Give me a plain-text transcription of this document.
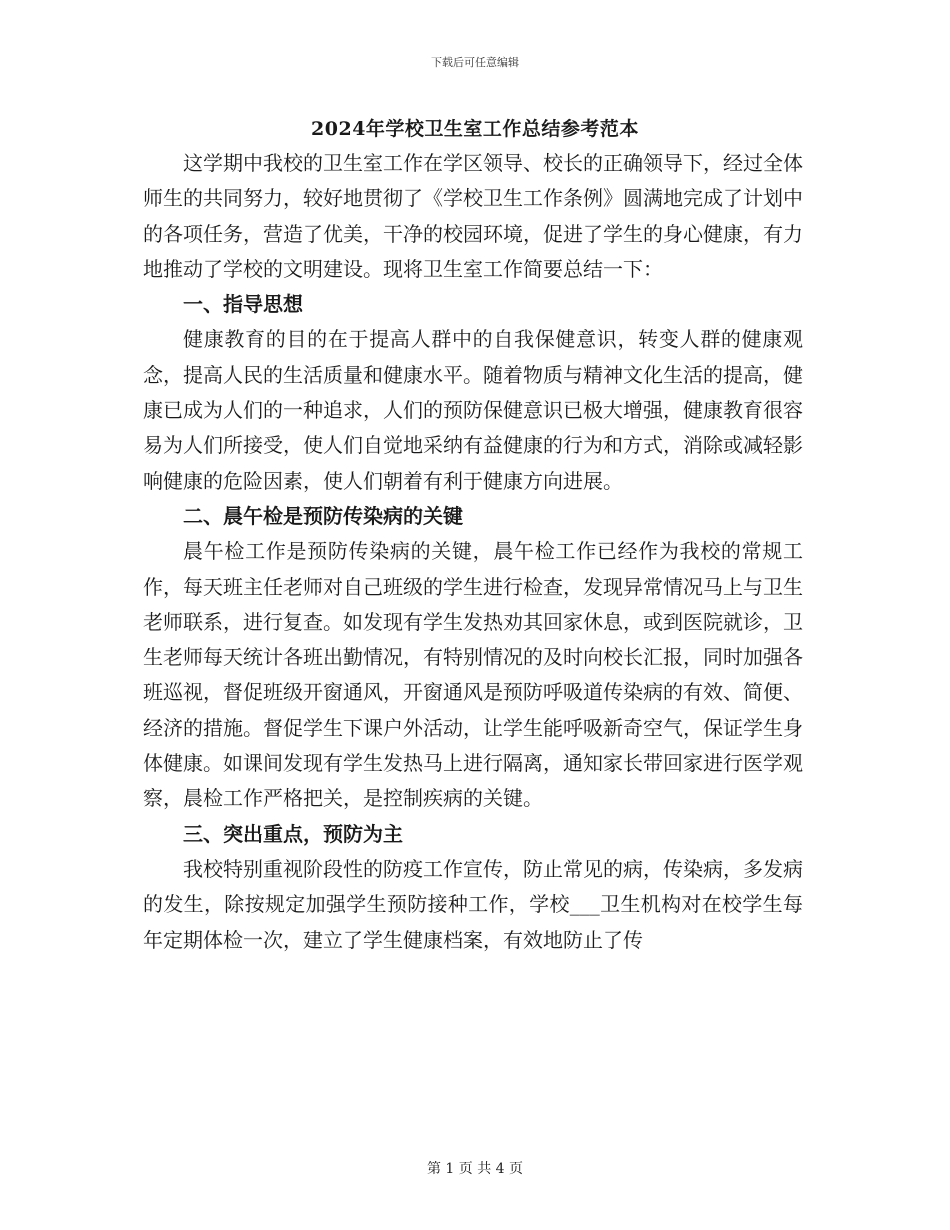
下载后可任意编辑
2024年学校卫生室工作总结参考范本

这学期中我校的卫生室工作在学区领导、校长的正确领导下，经过全体师生的共同努力，较好地贯彻了《学校卫生工作条例》圆满地完成了计划中的各项任务，营造了优美，干净的校园环境，促进了学生的身心健康，有力地推动了学校的文明建设。现将卫生室工作简要总结一下：

一、指导思想

健康教育的目的在于提高人群中的自我保健意识，转变人群的健康观念，提高人民的生活质量和健康水平。随着物质与精神文化生活的提高，健康已成为人们的一种追求，人们的预防保健意识已极大增强，健康教育很容易为人们所接受，使人们自觉地采纳有益健康的行为和方式，消除或减轻影响健康的危险因素，使人们朝着有利于健康方向进展。

二、晨午检是预防传染病的关键

晨午检工作是预防传染病的关键，晨午检工作已经作为我校的常规工作，每天班主任老师对自己班级的学生进行检查，发现异常情况马上与卫生老师联系，进行复查。如发现有学生发热劝其回家休息，或到医院就诊，卫生老师每天统计各班出勤情况，有特别情况的及时向校长汇报，同时加强各班巡视，督促班级开窗通风，开窗通风是预防呼吸道传染病的有效、简便、经济的措施。督促学生下课户外活动，让学生能呼吸新奇空气，保证学生身体健康。如课间发现有学生发热马上进行隔离，通知家长带回家进行医学观察，晨检工作严格把关，是控制疾病的关键。

三、突出重点，预防为主

我校特别重视阶段性的防疫工作宣传，防止常见的病，传染病，多发病的发生，除按规定加强学生预防接种工作，学校___卫生机构对在校学生每年定期体检一次，建立了学生健康档案，有效地防止了传

第 1 页 共 4 页
